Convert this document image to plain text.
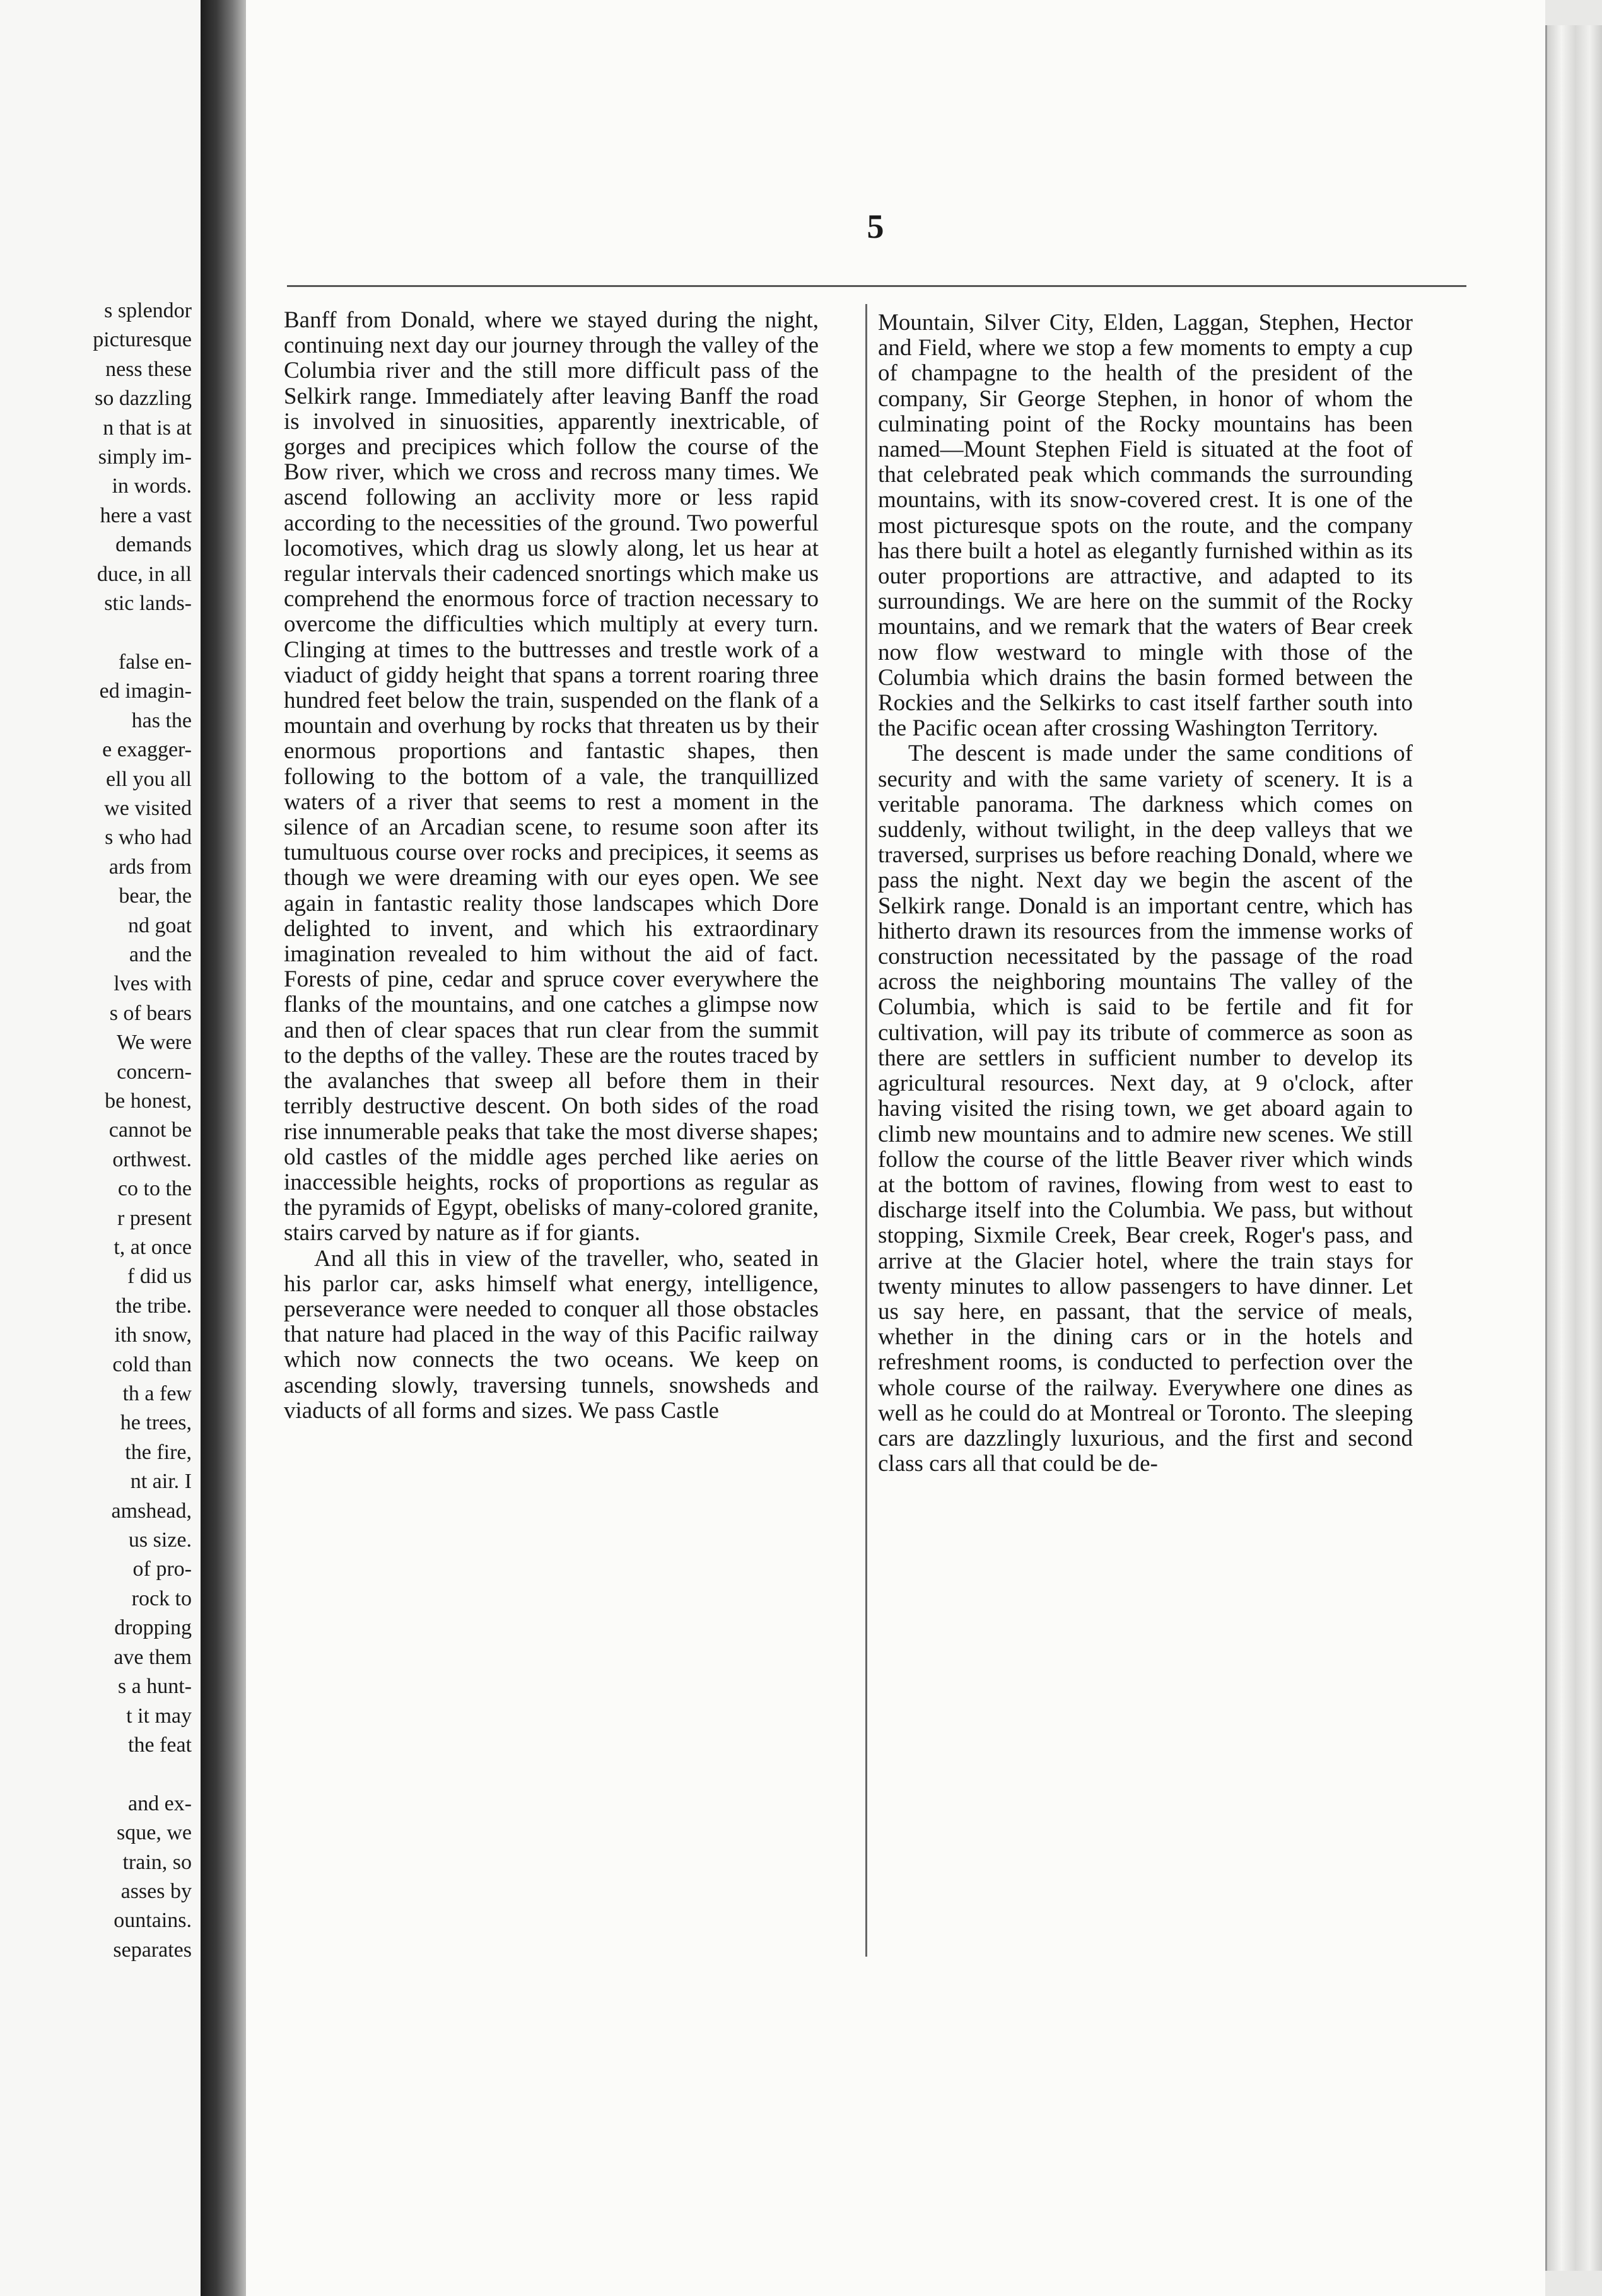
s splendor
picturesque
ness these
so dazzling
n that is at
simply im-
in words.
here a vast
demands
duce, in all
stic lands-

false en-
ed imagin-
has the
e exagger-
ell you all
we visited
s who had
ards from
bear, the
nd goat
and the
lves with
s of bears
We were
concern-
be honest,
cannot be
orthwest.
co to the
r present
t, at once
f did us
the tribe.
ith snow,
cold than
th a few
he trees,
the fire,
nt air. I
amshead,
us size.
of pro-
rock to
dropping
ave them
s a hunt-
t it may
the feat

and ex-
sque, we
train, so
asses by
ountains.
separates
5

Banff from Donald, where we stayed during the night, continuing next day our journey through the valley of the Columbia river and the still more difficult pass of the Selkirk range. Immediately after leaving Banff the road is involved in sinuosities, apparently inextricable, of gorges and precipices which follow the course of the Bow river, which we cross and recross many times. We ascend following an acclivity more or less rapid according to the necessities of the ground. Two powerful locomotives, which drag us slowly along, let us hear at regular intervals their cadenced snortings which make us comprehend the enormous force of traction necessary to overcome the difficulties which multiply at every turn. Clinging at times to the buttresses and trestle work of a viaduct of giddy height that spans a torrent roaring three hundred feet below the train, suspended on the flank of a mountain and overhung by rocks that threaten us by their enormous proportions and fantastic shapes, then following to the bottom of a vale, the tranquillized waters of a river that seems to rest a moment in the silence of an Arcadian scene, to resume soon after its tumultuous course over rocks and precipices, it seems as though we were dreaming with our eyes open. We see again in fantastic reality those landscapes which Dore delighted to invent, and which his extraordinary imagination revealed to him without the aid of fact. Forests of pine, cedar and spruce cover everywhere the flanks of the mountains, and one catches a glimpse now and then of clear spaces that run clear from the summit to the depths of the valley. These are the routes traced by the avalanches that sweep all before them in their terribly destructive descent. On both sides of the road rise innumerable peaks that take the most diverse shapes; old castles of the middle ages perched like aeries on inaccessible heights, rocks of proportions as regular as the pyramids of Egypt, obelisks of many-colored granite, stairs carved by nature as if for giants.

And all this in view of the traveller, who, seated in his parlor car, asks himself what energy, intelligence, perseverance were needed to conquer all those obstacles that nature had placed in the way of this Pacific railway which now connects the two oceans. We keep on ascending slowly, traversing tunnels, snowsheds and viaducts of all forms and sizes. We pass Castle

Mountain, Silver City, Elden, Laggan, Stephen, Hector and Field, where we stop a few moments to empty a cup of champagne to the health of the president of the company, Sir George Stephen, in honor of whom the culminating point of the Rocky mountains has been named—Mount Stephen Field is situated at the foot of that celebrated peak which commands the surrounding mountains, with its snow-covered crest. It is one of the most picturesque spots on the route, and the company has there built a hotel as elegantly furnished within as its outer proportions are attractive, and adapted to its surroundings. We are here on the summit of the Rocky mountains, and we remark that the waters of Bear creek now flow westward to mingle with those of the Columbia which drains the basin formed between the Rockies and the Selkirks to cast itself farther south into the Pacific ocean after crossing Washington Territory.

The descent is made under the same conditions of security and with the same variety of scenery. It is a veritable panorama. The darkness which comes on suddenly, without twilight, in the deep valleys that we traversed, surprises us before reaching Donald, where we pass the night. Next day we begin the ascent of the Selkirk range. Donald is an important centre, which has hitherto drawn its resources from the immense works of construction necessitated by the passage of the road across the neighboring mountains The valley of the Columbia, which is said to be fertile and fit for cultivation, will pay its tribute of commerce as soon as there are settlers in sufficient number to develop its agricultural resources. Next day, at 9 o'clock, after having visited the rising town, we get aboard again to climb new mountains and to admire new scenes. We still follow the course of the little Beaver river which winds at the bottom of ravines, flowing from west to east to discharge itself into the Columbia. We pass, but without stopping, Sixmile Creek, Bear creek, Roger's pass, and arrive at the Glacier hotel, where the train stays for twenty minutes to allow passengers to have dinner. Let us say here, en passant, that the service of meals, whether in the dining cars or in the hotels and refreshment rooms, is conducted to perfection over the whole course of the railway. Everywhere one dines as well as he could do at Montreal or Toronto. The sleeping cars are dazzlingly luxurious, and the first and second class cars all that could be de-
